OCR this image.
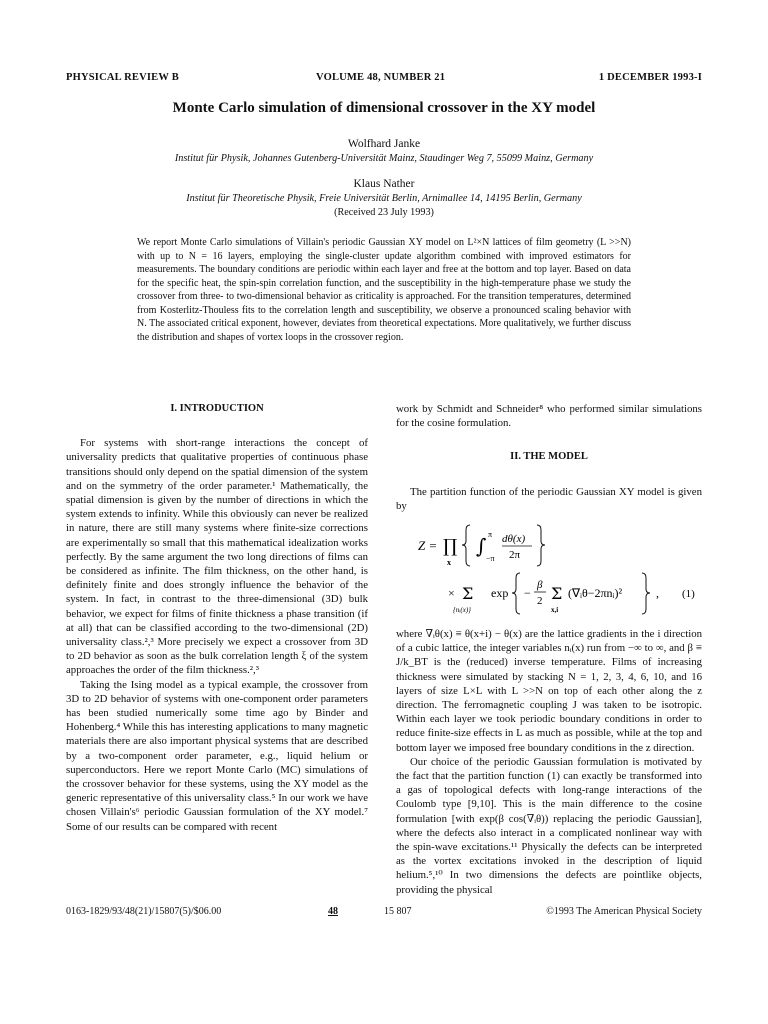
PHYSICAL REVIEW B	VOLUME 48, NUMBER 21	1 DECEMBER 1993-I
Monte Carlo simulation of dimensional crossover in the XY model
Wolfhard Janke
Institut für Physik, Johannes Gutenberg-Universität Mainz, Staudinger Weg 7, 55099 Mainz, Germany
Klaus Nather
Institut für Theoretische Physik, Freie Universität Berlin, Arnimallee 14, 14195 Berlin, Germany
(Received 23 July 1993)
We report Monte Carlo simulations of Villain's periodic Gaussian XY model on L²×N lattices of film geometry (L >>N) with up to N = 16 layers, employing the single-cluster update algorithm combined with improved estimators for measurements. The boundary conditions are periodic within each layer and free at the bottom and top layer. Based on data for the specific heat, the spin-spin correlation function, and the susceptibility in the high-temperature phase we study the crossover from three- to two-dimensional behavior as criticality is approached. For the transition temperatures, determined from Kosterlitz-Thouless fits to the correlation length and susceptibility, we observe a pronounced scaling behavior with N. The associated critical exponent, however, deviates from theoretical expectations. More qualitatively, we further discuss the distribution and shapes of vortex loops in the crossover region.
I. INTRODUCTION

For systems with short-range interactions the concept of universality predicts that qualitative properties of continuous phase transitions should only depend on the spatial dimension of the system and on the symmetry of the order parameter.¹ Mathematically, the spatial dimension is given by the number of directions in which the system extends to infinity. While this obviously can never be realized in nature, there are still many systems where finite-size corrections are experimentally so small that this mathematical idealization works perfectly. By the same argument the two long directions of films can be considered as infinite. The film thickness, on the other hand, is definitely finite and does strongly influence the behavior of the system. In fact, in contrast to the three-dimensional (3D) bulk behavior, we expect for films of finite thickness a phase transition (if at all) that can be classified according to the two-dimensional (2D) universality class.²,³ More precisely we expect a crossover from 3D to 2D behavior as soon as the bulk correlation length ξ of the system approaches the order of the film thickness.²,³

Taking the Ising model as a typical example, the crossover from 3D to 2D behavior of systems with one-component order parameters has been studied numerically some time ago by Binder and Hohenberg.⁴ While this has interesting applications to many magnetic materials there are also important physical systems that are described by a two-component order parameter, e.g., liquid helium or superconductors. Here we report Monte Carlo (MC) simulations of the crossover behavior for these systems, using the XY model as the generic representative of this universality class.⁵ In our work we have chosen Villain's⁶ periodic Gaussian formulation of the XY model.⁷ Some of our results can be compared with recent

work by Schmidt and Schneider⁸ who performed similar simulations for the cosine formulation.

II. THE MODEL

The partition function of the periodic Gaussian XY model is given by

Z = ∏
x
∫ π
−π
dθ(x)
2π
× Σ
{nᵢ(x)}
exp −
β
2 Σ
x,i
(∇ᵢθ−2πnᵢ)²	, (1)

where ∇ᵢθ(x) ≡ θ(x+i) − θ(x) are the lattice gradients in the i direction of a cubic lattice, the integer variables nᵢ(x) run from −∞ to ∞, and β ≡ J/k_BT is the (reduced) inverse temperature. Films of increasing thickness were simulated by stacking N = 1, 2, 3, 4, 6, 10, and 16 layers of size L×L with L >>N on top of each other along the z direction. The ferromagnetic coupling J was taken to be isotropic. Within each layer we took periodic boundary conditions in order to reduce finite-size effects in L as much as possible, while at the top and bottom layer we imposed free boundary conditions in the z direction.

Our choice of the periodic Gaussian formulation is motivated by the fact that the partition function (1) can exactly be transformed into a gas of topological defects with long-range interactions of the Coulomb type [9,10]. This is the main difference to the cosine formulation [with exp(β cos(∇ᵢθ)) replacing the periodic Gaussian], where the defects also interact in a complicated nonlinear way with the spin-wave excitations.¹¹ Physically the defects can be interpreted as the vortex excitations invoked in the description of liquid helium.⁵,¹⁰ In two dimensions the defects are pointlike objects, providing the physical

0163-1829/93/48(21)/15807(5)/$06.00	48	15 807	©1993 The American Physical Society
